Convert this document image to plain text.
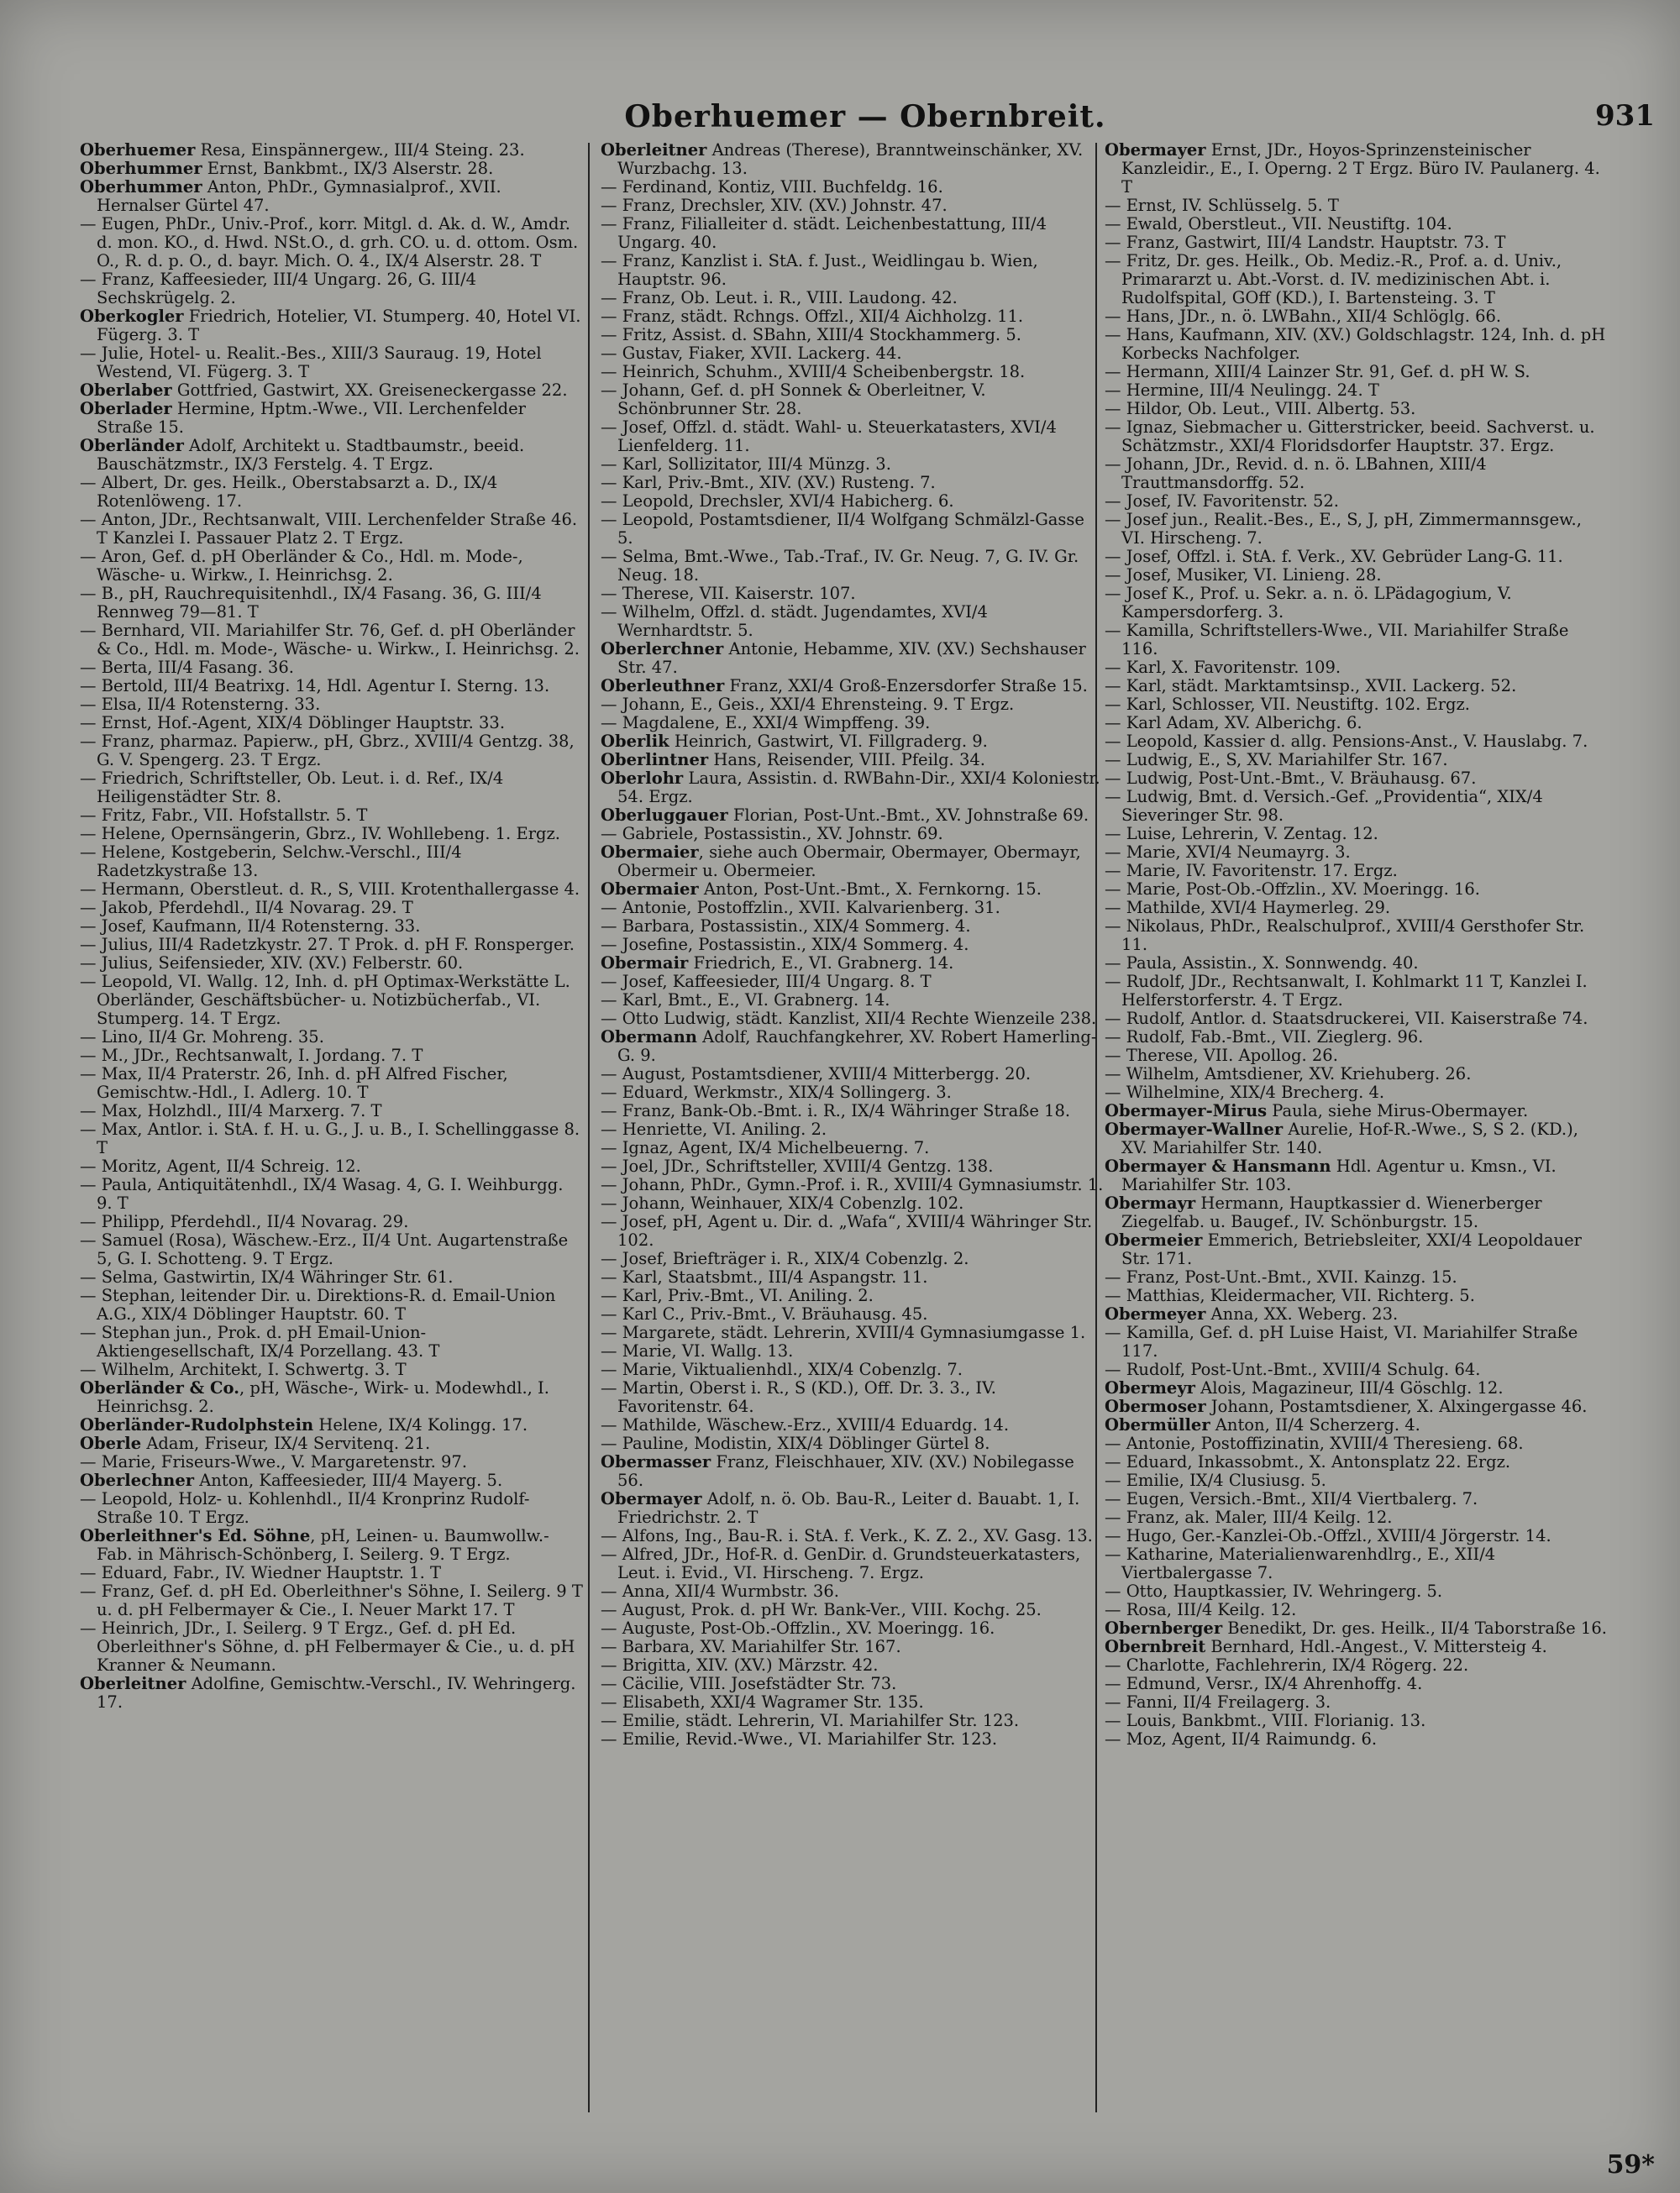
Oberhuemer — Obernbreit.	931

Oberhuemer Resa, Einspännergew., III/4 Steing. 23.

Oberhummer Ernst, Bankbmt., IX/3 Alserstr. 28.

Oberhummer Anton, PhDr., Gymnasialprof., XVII. Hernalser Gürtel 47.

— Eugen, PhDr., Univ.-Prof., korr. Mitgl. d. Ak. d. W., Amdr. d. mon. KO., d. Hwd. NSt.O., d. grh. CO. u. d. ottom. Osm. O., R. d. p. O., d. bayr. Mich. O. 4., IX/4 Alserstr. 28. T

— Franz, Kaffeesieder, III/4 Ungarg. 26, G. III/4 Sechskrügelg. 2.

Oberkogler Friedrich, Hotelier, VI. Stumperg. 40, Hotel VI. Fügerg. 3. T

— Julie, Hotel- u. Realit.-Bes., XIII/3 Sauraug. 19, Hotel Westend, VI. Fügerg. 3. T

Oberlaber Gottfried, Gastwirt, XX. Greiseneckergasse 22.

Oberlader Hermine, Hptm.-Wwe., VII. Lerchenfelder Straße 15.

Oberländer Adolf, Architekt u. Stadtbaumstr., beeid. Bauschätzmstr., IX/3 Ferstelg. 4. T Ergz.

— Albert, Dr. ges. Heilk., Oberstabsarzt a. D., IX/4 Rotenlöweng. 17.

— Anton, JDr., Rechtsanwalt, VIII. Lerchenfelder Straße 46. T Kanzlei I. Passauer Platz 2. T Ergz.

— Aron, Gef. d. pH Oberländer & Co., Hdl. m. Mode-, Wäsche- u. Wirkw., I. Heinrichsg. 2.

— B., pH, Rauchrequisitenhdl., IX/4 Fasang. 36, G. III/4 Rennweg 79—81. T

— Bernhard, VII. Mariahilfer Str. 76, Gef. d. pH Oberländer & Co., Hdl. m. Mode-, Wäsche- u. Wirkw., I. Heinrichsg. 2.

— Berta, III/4 Fasang. 36.

— Bertold, III/4 Beatrixg. 14, Hdl. Agentur I. Sterng. 13.

— Elsa, II/4 Rotensterng. 33.

— Ernst, Hof.-Agent, XIX/4 Döblinger Hauptstr. 33.

— Franz, pharmaz. Papierw., pH, Gbrz., XVIII/4 Gentzg. 38, G. V. Spengerg. 23. T Ergz.

— Friedrich, Schriftsteller, Ob. Leut. i. d. Ref., IX/4 Heiligenstädter Str. 8.

— Fritz, Fabr., VII. Hofstallstr. 5. T

— Helene, Opernsängerin, Gbrz., IV. Wohllebeng. 1. Ergz.

— Helene, Kostgeberin, Selchw.-Verschl., III/4 Radetzkystraße 13.

— Hermann, Oberstleut. d. R., S, VIII. Krotenthallergasse 4.

— Jakob, Pferdehdl., II/4 Novarag. 29. T

— Josef, Kaufmann, II/4 Rotensterng. 33.

— Julius, III/4 Radetzkystr. 27. T Prok. d. pH F. Ronsperger.

— Julius, Seifensieder, XIV. (XV.) Felberstr. 60.

— Leopold, VI. Wallg. 12, Inh. d. pH Optimax-Werkstätte L. Oberländer, Geschäftsbücher- u. Notizbücherfab., VI. Stumperg. 14. T Ergz.

— Lino, II/4 Gr. Mohreng. 35.

— M., JDr., Rechtsanwalt, I. Jordang. 7. T

— Max, II/4 Praterstr. 26, Inh. d. pH Alfred Fischer, Gemischtw.-Hdl., I. Adlerg. 10. T

— Max, Holzhdl., III/4 Marxerg. 7. T

— Max, Antlor. i. StA. f. H. u. G., J. u. B., I. Schellinggasse 8. T

— Moritz, Agent, II/4 Schreig. 12.

— Paula, Antiquitätenhdl., IX/4 Wasag. 4, G. I. Weihburgg. 9. T

— Philipp, Pferdehdl., II/4 Novarag. 29.

— Samuel (Rosa), Wäschew.-Erz., II/4 Unt. Augartenstraße 5, G. I. Schotteng. 9. T Ergz.

— Selma, Gastwirtin, IX/4 Währinger Str. 61.

— Stephan, leitender Dir. u. Direktions-R. d. Email-Union A.G., XIX/4 Döblinger Hauptstr. 60. T

— Stephan jun., Prok. d. pH Email-Union-Aktiengesellschaft, IX/4 Porzellang. 43. T

— Wilhelm, Architekt, I. Schwertg. 3. T

Oberländer & Co., pH, Wäsche-, Wirk- u. Modewhdl., I. Heinrichsg. 2.

Oberländer-Rudolphstein Helene, IX/4 Kolingg. 17.

Oberle Adam, Friseur, IX/4 Servitenq. 21.

— Marie, Friseurs-Wwe., V. Margaretenstr. 97.

Oberlechner Anton, Kaffeesieder, III/4 Mayerg. 5.

— Leopold, Holz- u. Kohlenhdl., II/4 Kronprinz Rudolf-Straße 10. T Ergz.

Oberleithner's Ed. Söhne, pH, Leinen- u. Baumwollw.-Fab. in Mährisch-Schönberg, I. Seilerg. 9. T Ergz.

— Eduard, Fabr., IV. Wiedner Hauptstr. 1. T

— Franz, Gef. d. pH Ed. Oberleithner's Söhne, I. Seilerg. 9 T u. d. pH Felbermayer & Cie., I. Neuer Markt 17. T

— Heinrich, JDr., I. Seilerg. 9 T Ergz., Gef. d. pH Ed. Oberleithner's Söhne, d. pH Felbermayer & Cie., u. d. pH Kranner & Neumann.

Oberleitner Adolfine, Gemischtw.-Verschl., IV. Wehringerg. 17.

Oberleitner Andreas (Therese), Branntweinschänker, XV. Wurzbachg. 13.

— Ferdinand, Kontiz, VIII. Buchfeldg. 16.

— Franz, Drechsler, XIV. (XV.) Johnstr. 47.

— Franz, Filialleiter d. städt. Leichenbestattung, III/4 Ungarg. 40.

— Franz, Kanzlist i. StA. f. Just., Weidlingau b. Wien, Hauptstr. 96.

— Franz, Ob. Leut. i. R., VIII. Laudong. 42.

— Franz, städt. Rchngs. Offzl., XII/4 Aichholzg. 11.

— Fritz, Assist. d. SBahn, XIII/4 Stockhammerg. 5.

— Gustav, Fiaker, XVII. Lackerg. 44.

— Heinrich, Schuhm., XVIII/4 Scheibenbergstr. 18.

— Johann, Gef. d. pH Sonnek & Oberleitner, V. Schönbrunner Str. 28.

— Josef, Offzl. d. städt. Wahl- u. Steuerkatasters, XVI/4 Lienfelderg. 11.

— Karl, Sollizitator, III/4 Münzg. 3.

— Karl, Priv.-Bmt., XIV. (XV.) Rusteng. 7.

— Leopold, Drechsler, XVI/4 Habicherg. 6.

— Leopold, Postamtsdiener, II/4 Wolfgang Schmälzl-Gasse 5.

— Selma, Bmt.-Wwe., Tab.-Traf., IV. Gr. Neug. 7, G. IV. Gr. Neug. 18.

— Therese, VII. Kaiserstr. 107.

— Wilhelm, Offzl. d. städt. Jugendamtes, XVI/4 Wernhardtstr. 5.

Oberlerchner Antonie, Hebamme, XIV. (XV.) Sechshauser Str. 47.

Oberleuthner Franz, XXI/4 Groß-Enzersdorfer Straße 15.

— Johann, E., Geis., XXI/4 Ehrensteing. 9. T Ergz.

— Magdalene, E., XXI/4 Wimpffeng. 39.

Oberlik Heinrich, Gastwirt, VI. Fillgraderg. 9.

Oberlintner Hans, Reisender, VIII. Pfeilg. 34.

Oberlohr Laura, Assistin. d. RWBahn-Dir., XXI/4 Koloniestr. 54. Ergz.

Oberluggauer Florian, Post-Unt.-Bmt., XV. Johnstraße 69.

— Gabriele, Postassistin., XV. Johnstr. 69.

Obermaier, siehe auch Obermair, Obermayer, Obermayr, Obermeir u. Obermeier.

Obermaier Anton, Post-Unt.-Bmt., X. Fernkorng. 15.

— Antonie, Postoffzlin., XVII. Kalvarienberg. 31.

— Barbara, Postassistin., XIX/4 Sommerg. 4.

— Josefine, Postassistin., XIX/4 Sommerg. 4.

Obermair Friedrich, E., VI. Grabnerg. 14.

— Josef, Kaffeesieder, III/4 Ungarg. 8. T

— Karl, Bmt., E., VI. Grabnerg. 14.

— Otto Ludwig, städt. Kanzlist, XII/4 Rechte Wienzeile 238.

Obermann Adolf, Rauchfangkehrer, XV. Robert Hamerling-G. 9.

— August, Postamtsdiener, XVIII/4 Mitterbergg. 20.

— Eduard, Werkmstr., XIX/4 Sollingerg. 3.

— Franz, Bank-Ob.-Bmt. i. R., IX/4 Währinger Straße 18.

— Henriette, VI. Aniling. 2.

— Ignaz, Agent, IX/4 Michelbeuerng. 7.

— Joel, JDr., Schriftsteller, XVIII/4 Gentzg. 138.

— Johann, PhDr., Gymn.-Prof. i. R., XVIII/4 Gymnasiumstr. 1.

— Johann, Weinhauer, XIX/4 Cobenzlg. 102.

— Josef, pH, Agent u. Dir. d. „Wafa“, XVIII/4 Währinger Str. 102.

— Josef, Briefträger i. R., XIX/4 Cobenzlg. 2.

— Karl, Staatsbmt., III/4 Aspangstr. 11.

— Karl, Priv.-Bmt., VI. Aniling. 2.

— Karl C., Priv.-Bmt., V. Bräuhausg. 45.

— Margarete, städt. Lehrerin, XVIII/4 Gymnasiumgasse 1.

— Marie, VI. Wallg. 13.

— Marie, Viktualienhdl., XIX/4 Cobenzlg. 7.

— Martin, Oberst i. R., S (KD.), Off. Dr. 3. 3., IV. Favoritenstr. 64.

— Mathilde, Wäschew.-Erz., XVIII/4 Eduardg. 14.

— Pauline, Modistin, XIX/4 Döblinger Gürtel 8.

Obermasser Franz, Fleischhauer, XIV. (XV.) Nobilegasse 56.

Obermayer Adolf, n. ö. Ob. Bau-R., Leiter d. Bauabt. 1, I. Friedrichstr. 2. T

— Alfons, Ing., Bau-R. i. StA. f. Verk., K. Z. 2., XV. Gasg. 13.

— Alfred, JDr., Hof-R. d. GenDir. d. Grundsteuerkatasters, Leut. i. Evid., VI. Hirscheng. 7. Ergz.

— Anna, XII/4 Wurmbstr. 36.

— August, Prok. d. pH Wr. Bank-Ver., VIII. Kochg. 25.

— Auguste, Post-Ob.-Offzlin., XV. Moeringg. 16.

— Barbara, XV. Mariahilfer Str. 167.

— Brigitta, XIV. (XV.) Märzstr. 42.

— Cäcilie, VIII. Josefstädter Str. 73.

— Elisabeth, XXI/4 Wagramer Str. 135.

— Emilie, städt. Lehrerin, VI. Mariahilfer Str. 123.

— Emilie, Revid.-Wwe., VI. Mariahilfer Str. 123.

Obermayer Ernst, JDr., Hoyos-Sprinzensteinischer Kanzleidir., E., I. Operng. 2 T Ergz. Büro IV. Paulanerg. 4. T

— Ernst, IV. Schlüsselg. 5. T

— Ewald, Oberstleut., VII. Neustiftg. 104.

— Franz, Gastwirt, III/4 Landstr. Hauptstr. 73. T

— Fritz, Dr. ges. Heilk., Ob. Mediz.-R., Prof. a. d. Univ., Primararzt u. Abt.-Vorst. d. IV. medizinischen Abt. i. Rudolfspital, GOff (KD.), I. Bartensteing. 3. T

— Hans, JDr., n. ö. LWBahn., XII/4 Schlöglg. 66.

— Hans, Kaufmann, XIV. (XV.) Goldschlagstr. 124, Inh. d. pH Korbecks Nachfolger.

— Hermann, XIII/4 Lainzer Str. 91, Gef. d. pH W. S.

— Hermine, III/4 Neulingg. 24. T

— Hildor, Ob. Leut., VIII. Albertg. 53.

— Ignaz, Siebmacher u. Gitterstricker, beeid. Sachverst. u. Schätzmstr., XXI/4 Floridsdorfer Hauptstr. 37. Ergz.

— Johann, JDr., Revid. d. n. ö. LBahnen, XIII/4 Trauttmansdorffg. 52.

— Josef, IV. Favoritenstr. 52.

— Josef jun., Realit.-Bes., E., S, J, pH, Zimmermannsgew., VI. Hirscheng. 7.

— Josef, Offzl. i. StA. f. Verk., XV. Gebrüder Lang-G. 11.

— Josef, Musiker, VI. Linieng. 28.

— Josef K., Prof. u. Sekr. a. n. ö. LPädagogium, V. Kampersdorferg. 3.

— Kamilla, Schriftstellers-Wwe., VII. Mariahilfer Straße 116.

— Karl, X. Favoritenstr. 109.

— Karl, städt. Marktamtsinsp., XVII. Lackerg. 52.

— Karl, Schlosser, VII. Neustiftg. 102. Ergz.

— Karl Adam, XV. Alberichg. 6.

— Leopold, Kassier d. allg. Pensions-Anst., V. Hauslabg. 7.

— Ludwig, E., S, XV. Mariahilfer Str. 167.

— Ludwig, Post-Unt.-Bmt., V. Bräuhausg. 67.

— Ludwig, Bmt. d. Versich.-Gef. „Providentia“, XIX/4 Sieveringer Str. 98.

— Luise, Lehrerin, V. Zentag. 12.

— Marie, XVI/4 Neumayrg. 3.

— Marie, IV. Favoritenstr. 17. Ergz.

— Marie, Post-Ob.-Offzlin., XV. Moeringg. 16.

— Mathilde, XVI/4 Haymerleg. 29.

— Nikolaus, PhDr., Realschulprof., XVIII/4 Gersthofer Str. 11.

— Paula, Assistin., X. Sonnwendg. 40.

— Rudolf, JDr., Rechtsanwalt, I. Kohlmarkt 11 T, Kanzlei I. Helferstorferstr. 4. T Ergz.

— Rudolf, Antlor. d. Staatsdruckerei, VII. Kaiserstraße 74.

— Rudolf, Fab.-Bmt., VII. Zieglerg. 96.

— Therese, VII. Apollog. 26.

— Wilhelm, Amtsdiener, XV. Kriehuberg. 26.

— Wilhelmine, XIX/4 Brecherg. 4.

Obermayer-Mirus Paula, siehe Mirus-Obermayer.

Obermayer-Wallner Aurelie, Hof-R.-Wwe., S, S 2. (KD.), XV. Mariahilfer Str. 140.

Obermayer & Hansmann Hdl. Agentur u. Kmsn., VI. Mariahilfer Str. 103.

Obermayr Hermann, Hauptkassier d. Wienerberger Ziegelfab. u. Baugef., IV. Schönburgstr. 15.

Obermeier Emmerich, Betriebsleiter, XXI/4 Leopoldauer Str. 171.

— Franz, Post-Unt.-Bmt., XVII. Kainzg. 15.

— Matthias, Kleidermacher, VII. Richterg. 5.

Obermeyer Anna, XX. Weberg. 23.

— Kamilla, Gef. d. pH Luise Haist, VI. Mariahilfer Straße 117.

— Rudolf, Post-Unt.-Bmt., XVIII/4 Schulg. 64.

Obermeyr Alois, Magazineur, III/4 Göschlg. 12.

Obermoser Johann, Postamtsdiener, X. Alxingergasse 46.

Obermüller Anton, II/4 Scherzerg. 4.

— Antonie, Postoffizinatin, XVIII/4 Theresieng. 68.

— Eduard, Inkassobmt., X. Antonsplatz 22. Ergz.

— Emilie, IX/4 Clusiusg. 5.

— Eugen, Versich.-Bmt., XII/4 Viertbalerg. 7.

— Franz, ak. Maler, III/4 Keilg. 12.

— Hugo, Ger.-Kanzlei-Ob.-Offzl., XVIII/4 Jörgerstr. 14.

— Katharine, Materialienwarenhdlrg., E., XII/4 Viertbalergasse 7.

— Otto, Hauptkassier, IV. Wehringerg. 5.

— Rosa, III/4 Keilg. 12.

Obernberger Benedikt, Dr. ges. Heilk., II/4 Taborstraße 16.

Obernbreit Bernhard, Hdl.-Angest., V. Mittersteig 4.

— Charlotte, Fachlehrerin, IX/4 Rögerg. 22.

— Edmund, Versr., IX/4 Ahrenhoffg. 4.

— Fanni, II/4 Freilagerg. 3.

— Louis, Bankbmt., VIII. Florianig. 13.

— Moz, Agent, II/4 Raimundg. 6.

59*
